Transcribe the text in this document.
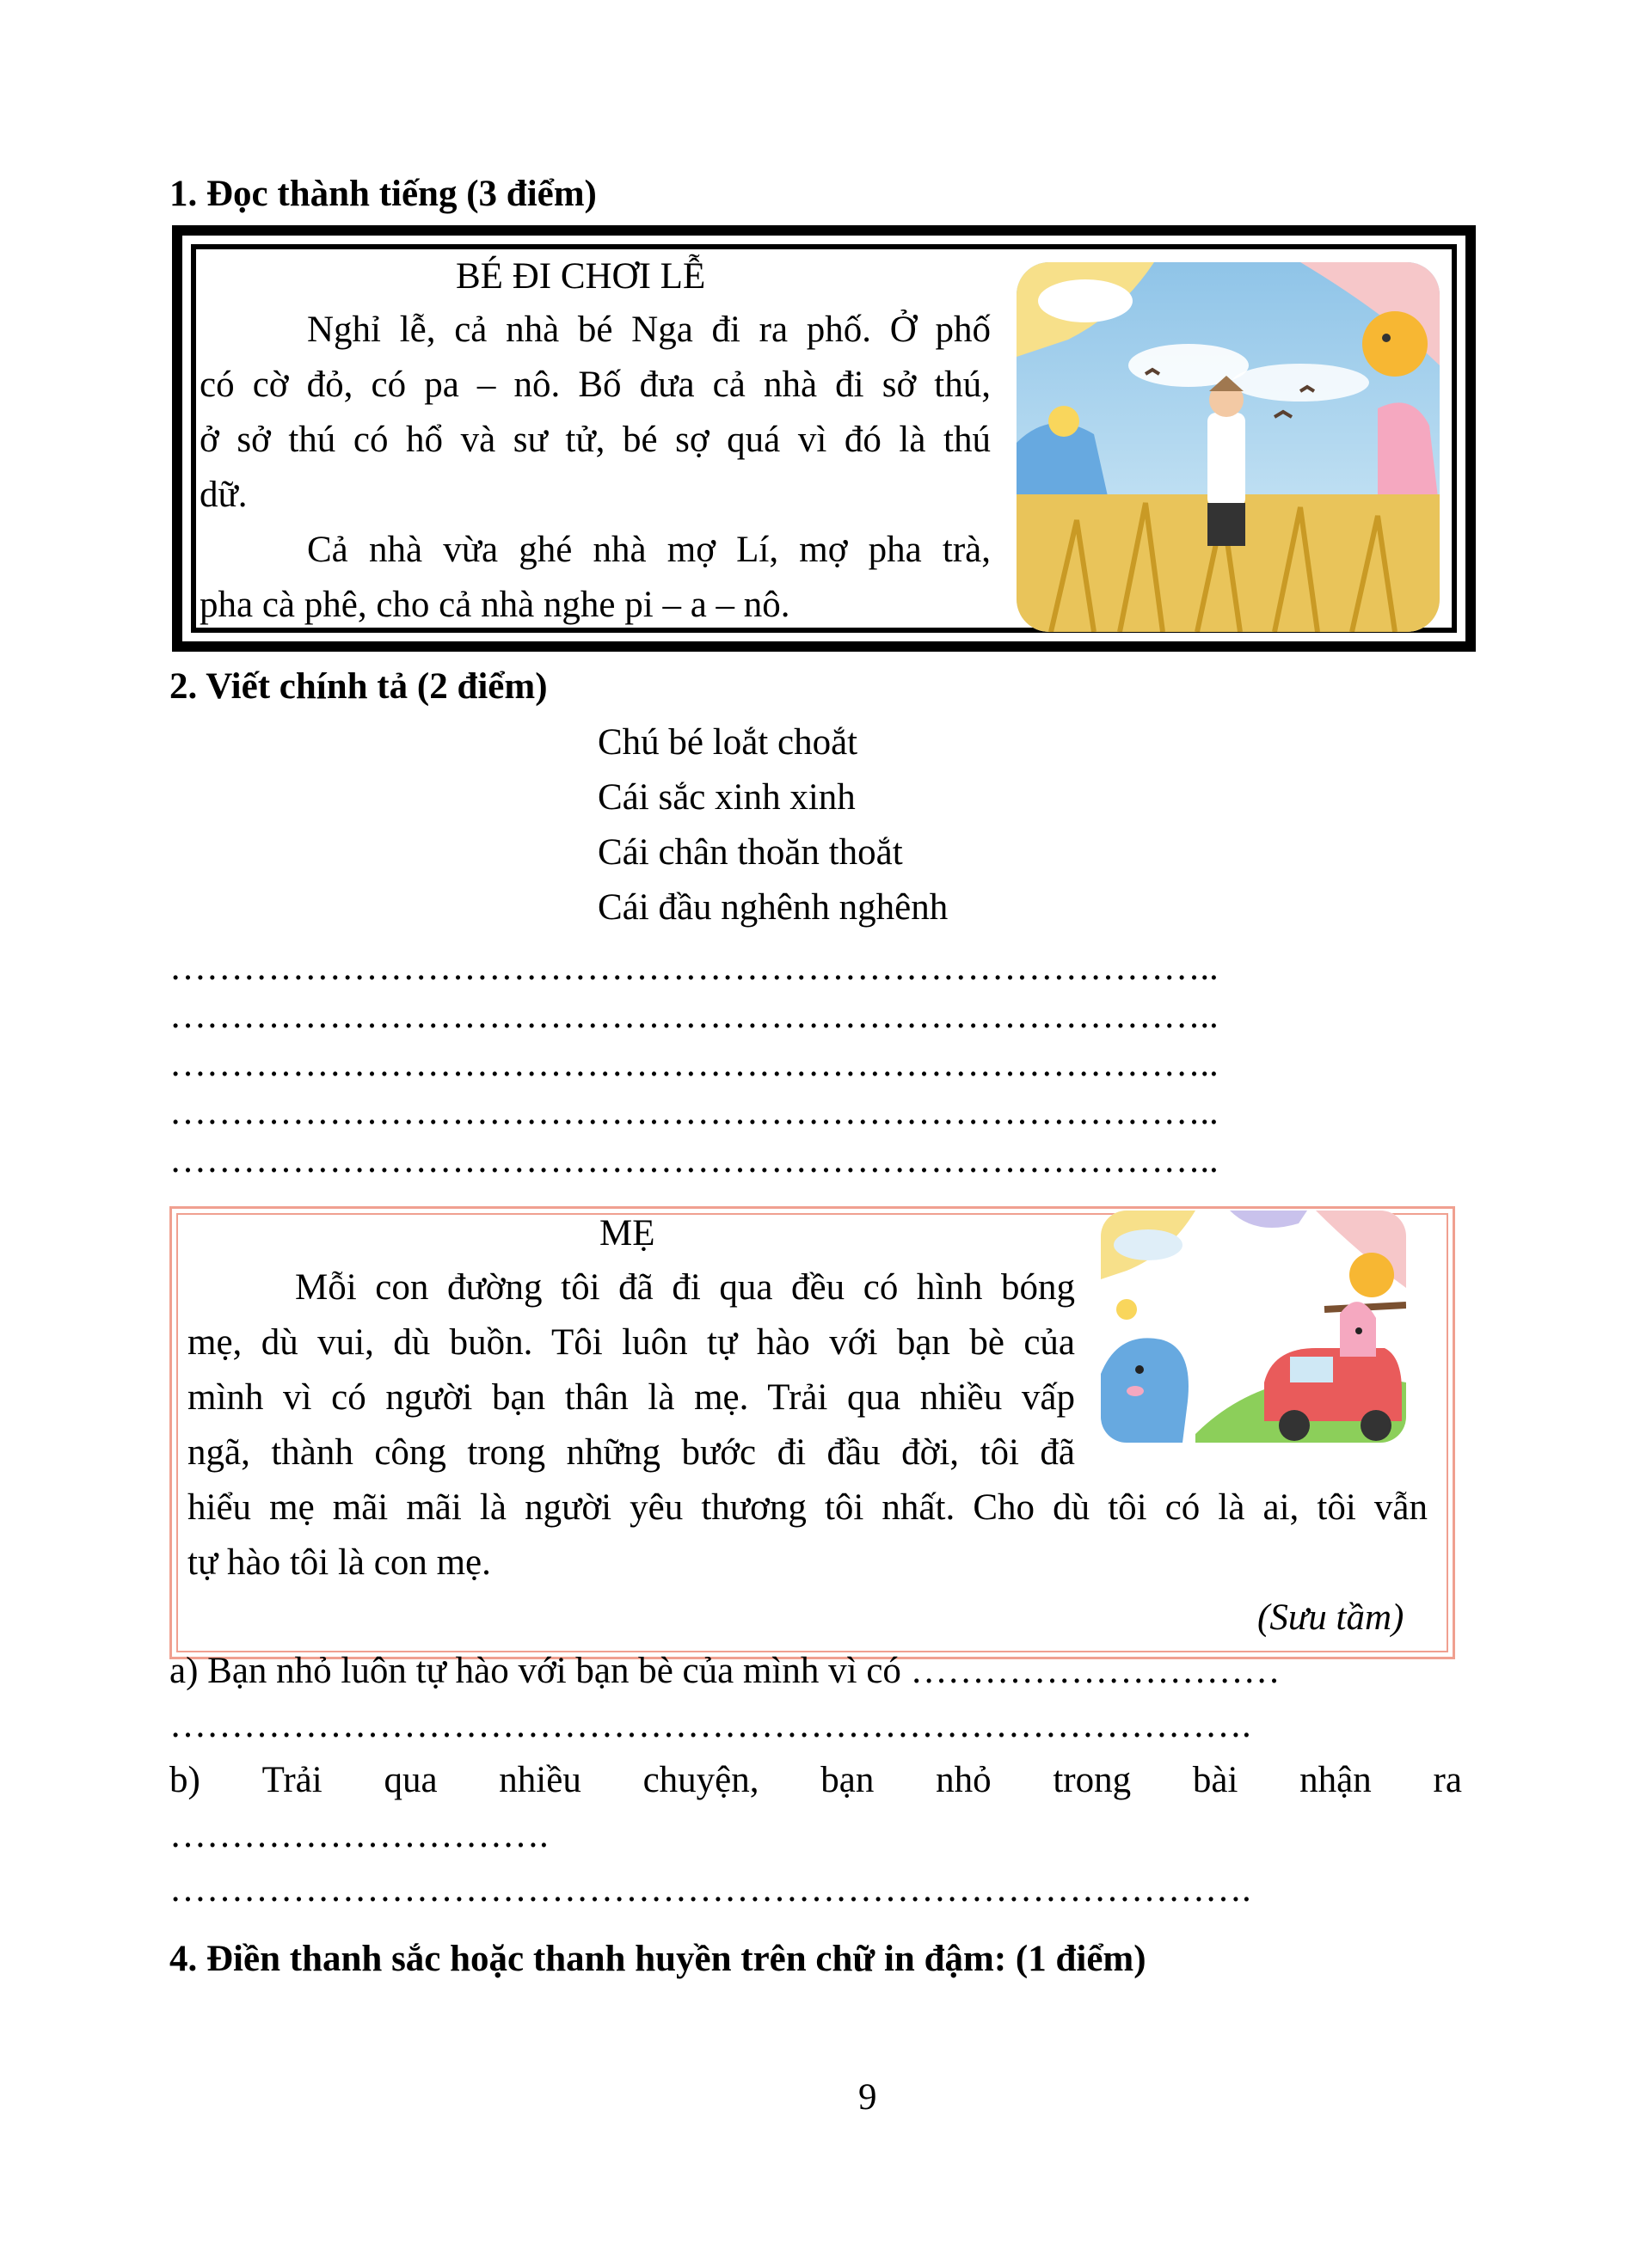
1. Đọc thành tiếng (3 điểm)
BÉ ĐI CHƠI LỄ
Nghỉ lễ, cả nhà bé Nga đi ra phố. Ở phố
có cờ đỏ, có pa – nô. Bố đưa cả nhà đi sở thú,
ở sở thú có hổ và sư tử, bé sợ quá vì đó là thú
dữ.
Cả nhà vừa ghé nhà mợ Lí, mợ pha trà,
pha cà phê, cho cả nhà nghe pi – a – nô.
2. Viết chính tả (2 điểm)
Chú bé loắt choắt
Cái sắc xinh xinh
Cái chân thoăn thoắt
Cái đầu nghênh nghênh
…………………………………………………………………………..
…………………………………………………………………………..
…………………………………………………………………………..
…………………………………………………………………………..
…………………………………………………………………………..
MẸ
Mỗi con đường tôi đã đi qua đều có hình bóng
mẹ, dù vui, dù buồn. Tôi luôn tự hào với bạn bè của
mình vì có người bạn thân là mẹ. Trải qua nhiều vấp
ngã, thành công trong những bước đi đầu đời, tôi đã
hiểu mẹ mãi mãi là người yêu thương tôi nhất. Cho dù tôi có là ai, tôi vẫn
tự hào tôi là con mẹ.
(Sưu tầm)
a) Bạn nhỏ luôn tự hào với bạn bè của mình vì có …………………………
…………………………………………………………………………….
b) Trải qua nhiều chuyện, bạn nhỏ trong bài nhận ra
………………………….
…………………………………………………………………………….
4. Điền thanh sắc hoặc thanh huyền trên chữ in đậm: (1 điểm)
9
